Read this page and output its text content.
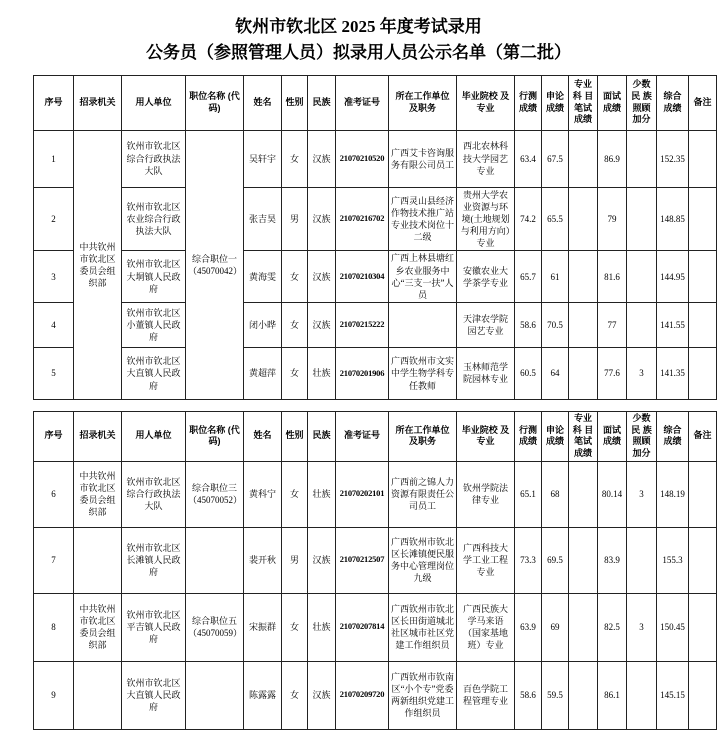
钦州市钦北区 2025 年度考试录用
公务员（参照管理人员）拟录用人员公示名单（第二批）
序号	招录机关	用人单位	职位名称 (代码)	姓名	性别	民族	准考证号	所在工作单位 及职务	毕业院校 及专业	行测 成绩	申论 成绩	专业科 目笔试 成绩	面试 成绩	少数民 族照顾 加分	综合 成绩	备注
1	中共钦州市钦北区委员会组织部	钦州市钦北区综合行政执法大队	综合职位一 （45070042）	吴轩宇	女	汉族	21070210520	广西艾卡咨询服务有限公司员工	西北农林科技大学园艺专业	63.4	67.5		86.9		152.35	
2		钦州市钦北区农业综合行政执法大队		张吉昊	男	汉族	21070216702	广西灵山县经济作物技术推广站专业技术岗位十二级	贵州大学农业资源与环境(土地规划与利用方向）专业	74.2	65.5		79		148.85	
3		钦州市钦北区大垌镇人民政府		黄海雯	女	汉族	21070210304	广西上林县塘红乡农业服务中心“三支一扶”人员	安徽农业大学茶学专业	65.7	61		81.6		144.95	
4		钦州市钦北区小董镇人民政府		闭小晔	女	汉族	21070215222		天津农学院园艺专业	58.6	70.5		77		141.55	
5		钦州市钦北区大直镇人民政府		黄超萍	女	壮族	21070201906	广西钦州市文实中学生物学科专任教师	玉林师范学院园林专业	60.5	64		77.6	3	141.35	
序号	招录机关	用人单位	职位名称 (代码)	姓名	性别	民族	准考证号	所在工作单位 及职务	毕业院校 及专业	行测 成绩	申论 成绩	专业科 目笔试 成绩	面试 成绩	少数民 族照顾 加分	综合 成绩	备注
6	中共钦州市钦北区委员会组织部	钦州市钦北区综合行政执法大队	综合职位三 （45070052）	黄科宁	女	壮族	21070202101	广西前之锦人力资源有限责任公司员工	钦州学院法律专业	65.1	68		80.14	3	148.19	
7		钦州市钦北区长滩镇人民政府		裴开秋	男	汉族	21070212507	广西钦州市钦北区长滩镇便民服务中心管理岗位九级	广西科技大学工业工程专业	73.3	69.5		83.9		155.3	
8	中共钦州市钦北区委员会组织部	钦州市钦北区平吉镇人民政府	综合职位五 （45070059）	宋振群	女	壮族	21070207814	广西钦州市钦北区长田街道城北社区城市社区党建工作组织员	广西民族大学马来语（国家基地班）专业	63.9	69		82.5	3	150.45	
9		钦州市钦北区大直镇人民政府		陈露露	女	汉族	21070209720	广西钦州市钦南区“小个专”党委两新组织党建工作组织员	百色学院工程管理专业	58.6	59.5		86.1		145.15	
